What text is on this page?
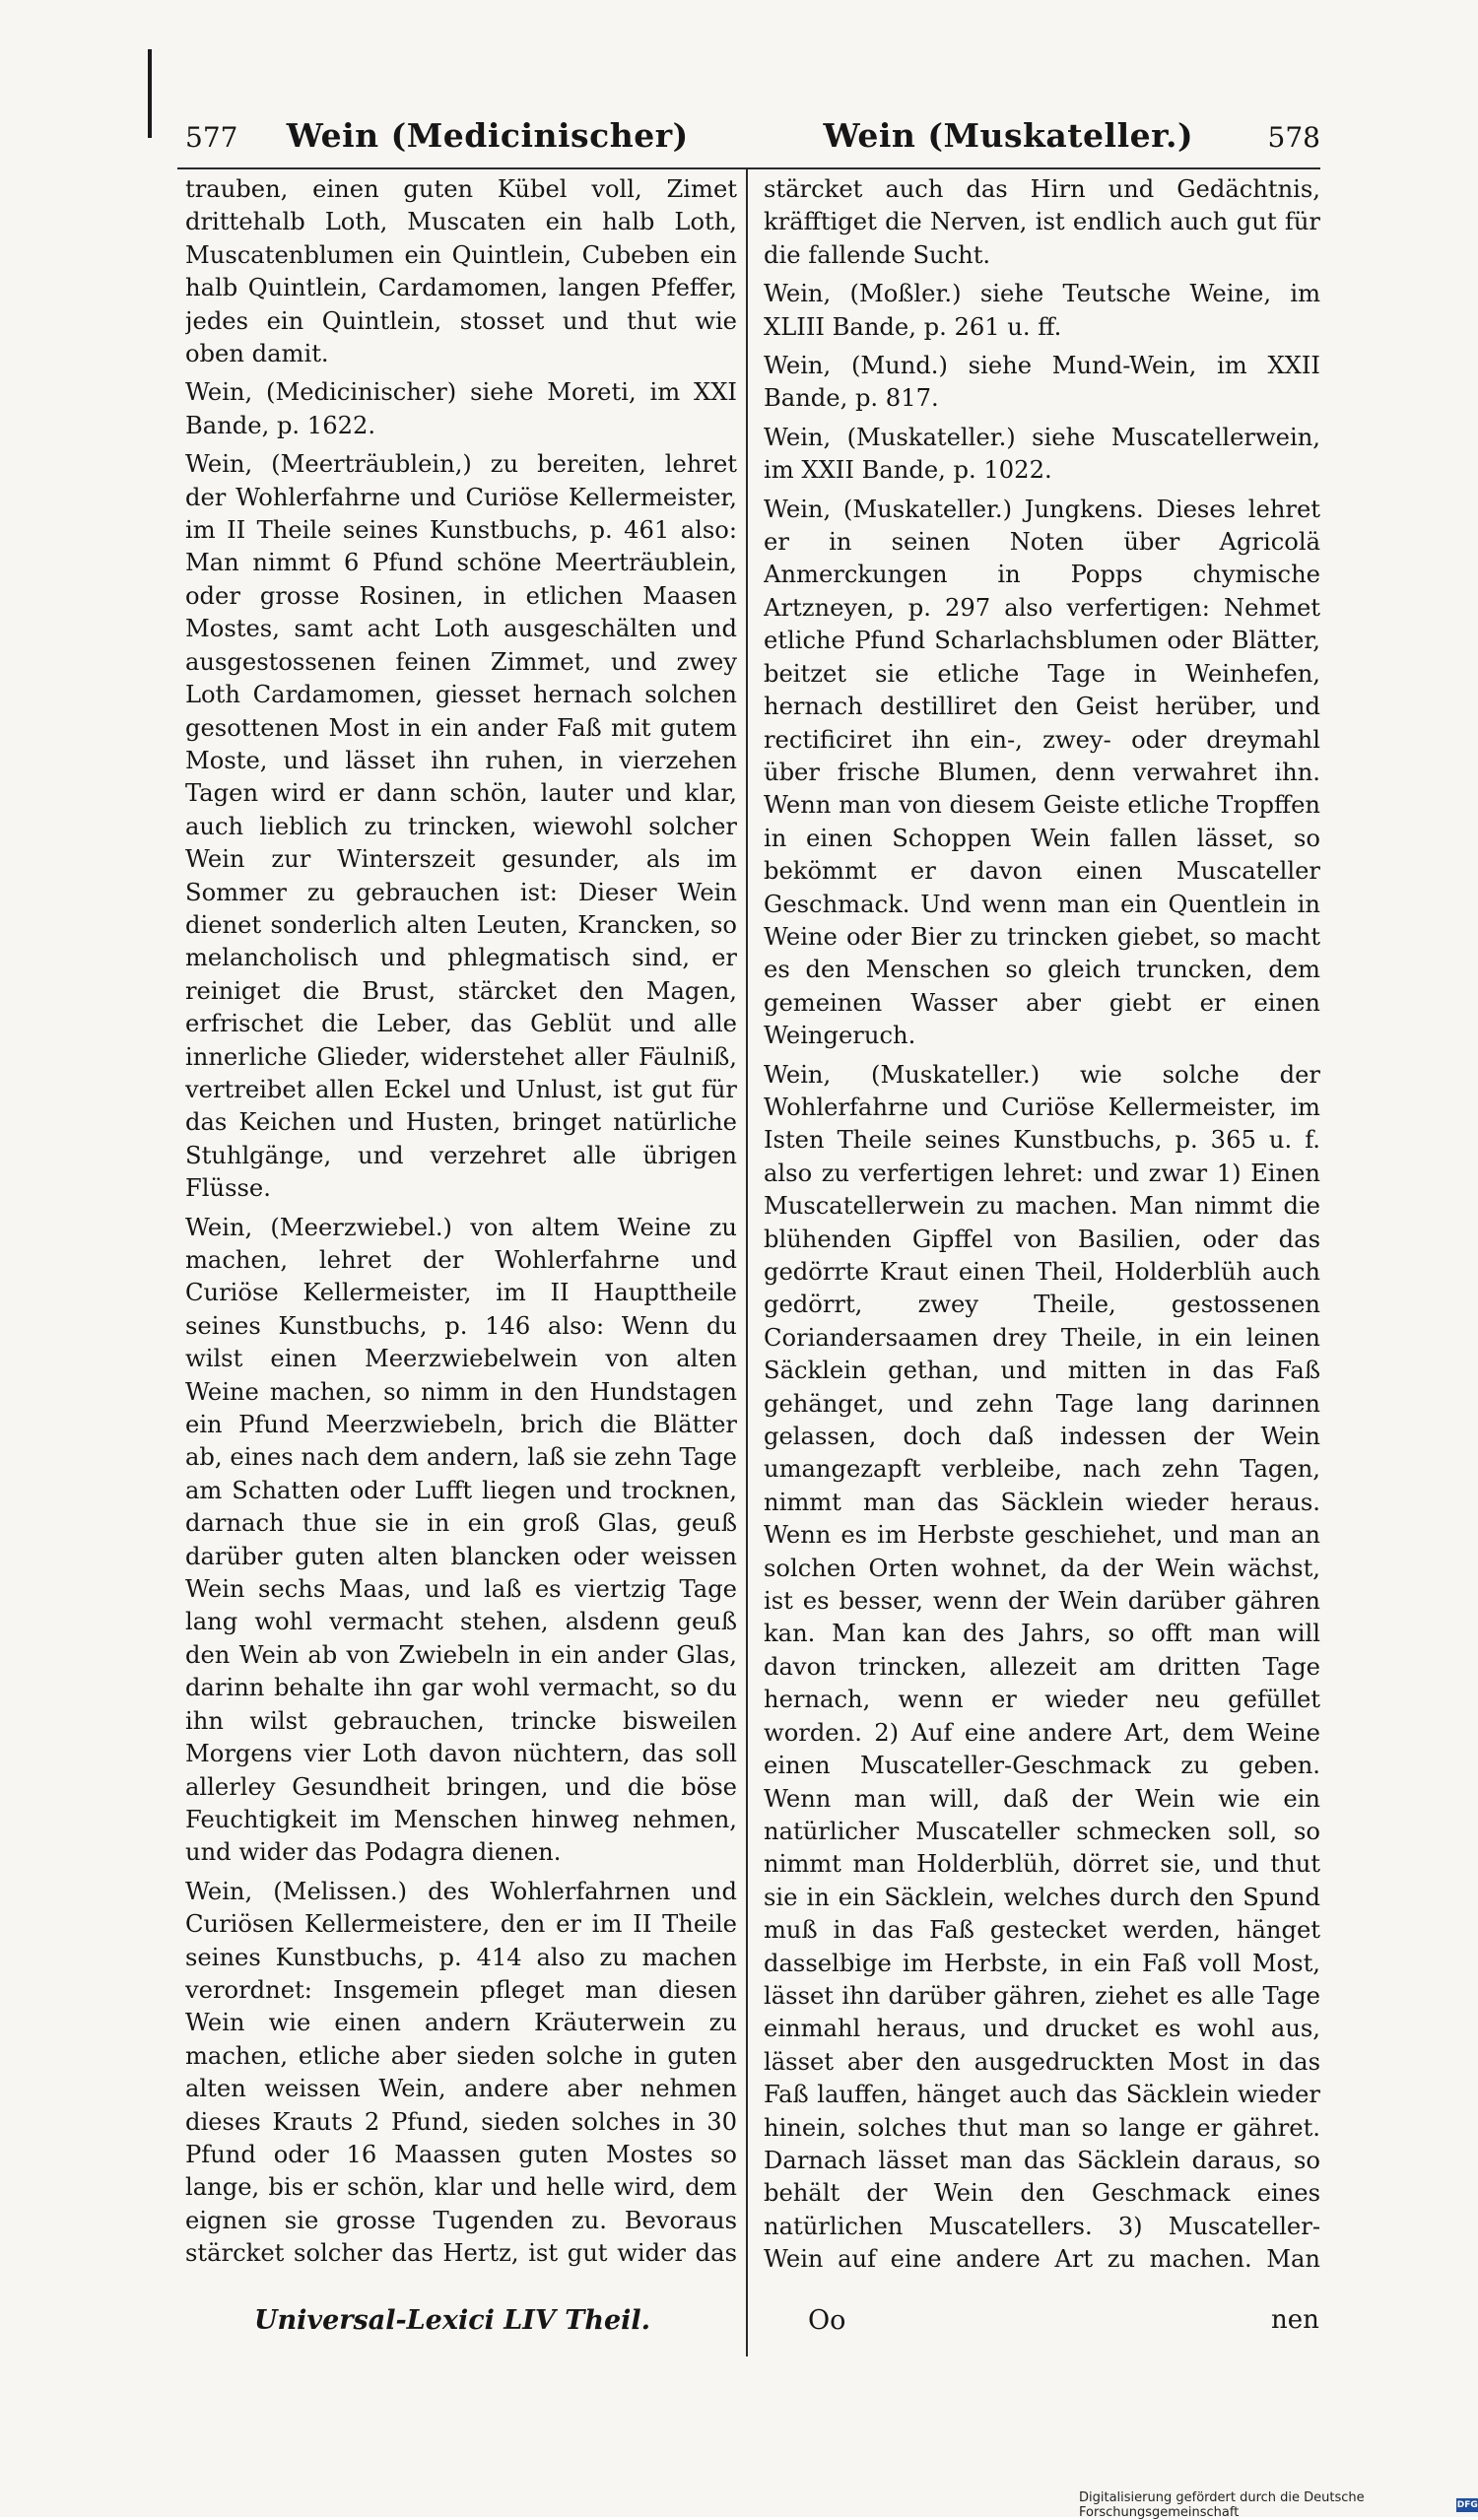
577 Wein (Medicinischer)	Wein (Muskateller.)	578

trauben, einen guten Kübel voll, Zimet drittehalb Loth, Muscaten ein halb Loth, Muscatenblumen ein Quintlein, Cubeben ein halb Quintlein, Cardamomen, langen Pfeffer, jedes ein Quintlein, stosset und thut wie oben damit.

Wein, (Medicinischer) siehe Moreti, im XXI Bande, p. 1622.

Wein, (Meerträublein,) zu bereiten, lehret der Wohlerfahrne und Curiöse Kellermeister, im II Theile seines Kunstbuchs, p. 461 also: Man nimmt 6 Pfund schöne Meerträublein, oder grosse Rosinen, in etlichen Maasen Mostes, samt acht Loth ausgeschälten und ausgestossenen feinen Zimmet, und zwey Loth Cardamomen, giesset hernach solchen gesottenen Most in ein ander Faß mit gutem Moste, und lässet ihn ruhen, in vierzehen Tagen wird er dann schön, lauter und klar, auch lieblich zu trincken, wiewohl solcher Wein zur Winterszeit gesunder, als im Sommer zu gebrauchen ist: Dieser Wein dienet sonderlich alten Leuten, Krancken, so melancholisch und phlegmatisch sind, er reiniget die Brust, stärcket den Magen, erfrischet die Leber, das Geblüt und alle innerliche Glieder, widerstehet aller Fäulniß, vertreibet allen Eckel und Unlust, ist gut für das Keichen und Husten, bringet natürliche Stuhlgänge, und verzehret alle übrigen Flüsse.

Wein, (Meerzwiebel.) von altem Weine zu machen, lehret der Wohlerfahrne und Curiöse Kellermeister, im II Haupttheile seines Kunstbuchs, p. 146 also: Wenn du wilst einen Meerzwiebelwein von alten Weine machen, so nimm in den Hundstagen ein Pfund Meerzwiebeln, brich die Blätter ab, eines nach dem andern, laß sie zehn Tage am Schatten oder Lufft liegen und trocknen, darnach thue sie in ein groß Glas, geuß darüber guten alten blancken oder weissen Wein sechs Maas, und laß es viertzig Tage lang wohl vermacht stehen, alsdenn geuß den Wein ab von Zwiebeln in ein ander Glas, darinn behalte ihn gar wohl vermacht, so du ihn wilst gebrauchen, trincke bisweilen Morgens vier Loth davon nüchtern, das soll allerley Gesundheit bringen, und die böse Feuchtigkeit im Menschen hinweg nehmen, und wider das Podagra dienen.

Wein, (Melissen.) des Wohlerfahrnen und Curiösen Kellermeistere, den er im II Theile seines Kunstbuchs, p. 414 also zu machen verordnet: Insgemein pfleget man diesen Wein wie einen andern Kräuterwein zu machen, etliche aber sieden solche in guten alten weissen Wein, andere aber nehmen dieses Krauts 2 Pfund, sieden solches in 30 Pfund oder 16 Maassen guten Mostes so lange, bis er schön, klar und helle wird, dem eignen sie grosse Tugenden zu. Bevoraus stärcket solcher das Hertz, ist gut wider das

stärcket auch das Hirn und Gedächtnis, kräfftiget die Nerven, ist endlich auch gut für die fallende Sucht.

Wein, (Moßler.) siehe Teutsche Weine, im XLIII Bande, p. 261 u. ff.

Wein, (Mund.) siehe Mund-Wein, im XXII Bande, p. 817.

Wein, (Muskateller.) siehe Muscatellerwein, im XXII Bande, p. 1022.

Wein, (Muskateller.) Jungkens. Dieses lehret er in seinen Noten über Agricolä Anmerckungen in Popps chymische Artzneyen, p. 297 also verfertigen: Nehmet etliche Pfund Scharlachsblumen oder Blätter, beitzet sie etliche Tage in Weinhefen, hernach destilliret den Geist herüber, und rectificiret ihn ein-, zwey- oder dreymahl über frische Blumen, denn verwahret ihn. Wenn man von diesem Geiste etliche Tropffen in einen Schoppen Wein fallen lässet, so bekömmt er davon einen Muscateller Geschmack. Und wenn man ein Quentlein in Weine oder Bier zu trincken giebet, so macht es den Menschen so gleich truncken, dem gemeinen Wasser aber giebt er einen Weingeruch.

Wein, (Muskateller.) wie solche der Wohlerfahrne und Curiöse Kellermeister, im Isten Theile seines Kunstbuchs, p. 365 u. f. also zu verfertigen lehret: und zwar 1) Einen Muscatellerwein zu machen. Man nimmt die blühenden Gipffel von Basilien, oder das gedörrte Kraut einen Theil, Holderblüh auch gedörrt, zwey Theile, gestossenen Coriandersaamen drey Theile, in ein leinen Säcklein gethan, und mitten in das Faß gehänget, und zehn Tage lang darinnen gelassen, doch daß indessen der Wein umangezapft verbleibe, nach zehn Tagen, nimmt man das Säcklein wieder heraus. Wenn es im Herbste geschiehet, und man an solchen Orten wohnet, da der Wein wächst, ist es besser, wenn der Wein darüber gähren kan. Man kan des Jahrs, so offt man will davon trincken, allezeit am dritten Tage hernach, wenn er wieder neu gefüllet worden. 2) Auf eine andere Art, dem Weine einen Muscateller-Geschmack zu geben. Wenn man will, daß der Wein wie ein natürlicher Muscateller schmecken soll, so nimmt man Holderblüh, dörret sie, und thut sie in ein Säcklein, welches durch den Spund muß in das Faß gestecket werden, hänget dasselbige im Herbste, in ein Faß voll Most, lässet ihn darüber gähren, ziehet es alle Tage einmahl heraus, und drucket es wohl aus, lässet aber den ausgedruckten Most in das Faß lauffen, hänget auch das Säcklein wieder hinein, solches thut man so lange er gähret. Darnach lässet man das Säcklein daraus, so behält der Wein den Geschmack eines natürlichen Muscatellers. 3) Muscateller-Wein auf eine andere Art zu machen. Man

Universal-Lexici LIV Theil.	Oo	nen
Digitalisierung gefördert durch die Deutsche Forschungsgemeinschaft	DFG
